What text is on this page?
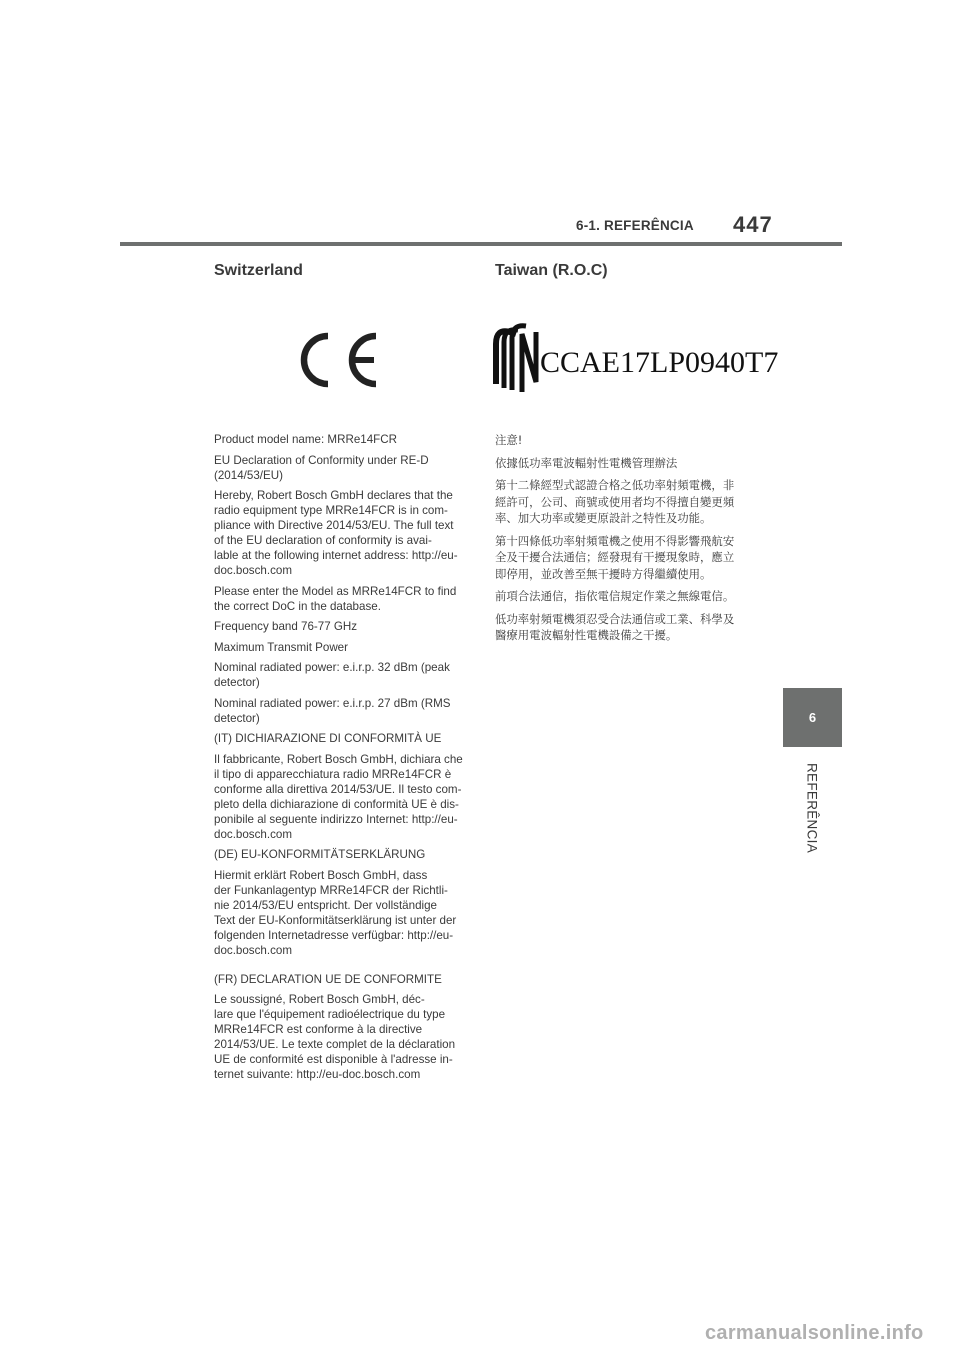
6-1. REFERÊNCIA 447
Switzerland	Taiwan (R.O.C)
CCAE17LP0940T7

Product model name: MRRe14FCR

EU Declaration of Conformity under RE-D
(2014/53/EU)

Hereby, Robert Bosch GmbH declares that the
radio equipment type MRRe14FCR is in com-
pliance with Directive 2014/53/EU. The full text
of the EU declaration of conformity is avai-
lable at the following internet address: http://eu-
doc.bosch.com

Please enter the Model as MRRe14FCR to find
the correct DoC in the database.

Frequency band 76-77 GHz

Maximum Transmit Power

Nominal radiated power: e.i.r.p. 32 dBm (peak
detector)

Nominal radiated power: e.i.r.p. 27 dBm (RMS
detector)

(IT) DICHIARAZIONE DI CONFORMITÀ UE

Il fabbricante, Robert Bosch GmbH, dichiara che
il tipo di apparecchiatura radio MRRe14FCR è
conforme alla direttiva 2014/53/UE. Il testo com-
pleto della dichiarazione di conformità UE è dis-
ponibile al seguente indirizzo Internet: http://eu-
doc.bosch.com

(DE) EU-KONFORMITÄTSERKLÄRUNG

Hiermit erklärt Robert Bosch GmbH, dass
der Funkanlagentyp MRRe14FCR der Richtli-
nie 2014/53/EU entspricht. Der vollständige
Text der EU-Konformitätserklärung ist unter der
folgenden Internetadresse verfügbar: http://eu-
doc.bosch.com

(FR) DECLARATION UE DE CONFORMITE

Le soussigné, Robert Bosch GmbH, déc-
lare que l'équipement radioélectrique du type
MRRe14FCR est conforme à la directive
2014/53/UE. Le texte complet de la déclaration
UE de conformité est disponible à l'adresse in-
ternet suivante: http://eu-doc.bosch.com

注意!

依據低功率電波輻射性電機管理辦法

第十二條經型式認證合格之低功率射頻電機，非
經許可，公司、商號或使用者均不得擅自變更頻
率、加大功率或變更原設計之特性及功能。

第十四條低功率射頻電機之使用不得影響飛航安
全及干擾合法通信；經發現有干擾現象時，應立
即停用，並改善至無干擾時方得繼續使用。

前項合法通信，指依電信規定作業之無線電信。

低功率射頻電機須忍受合法通信或工業、科學及
醫療用電波輻射性電機設備之干擾。

6
REFERÊNCIA
carmanualsonline.info
